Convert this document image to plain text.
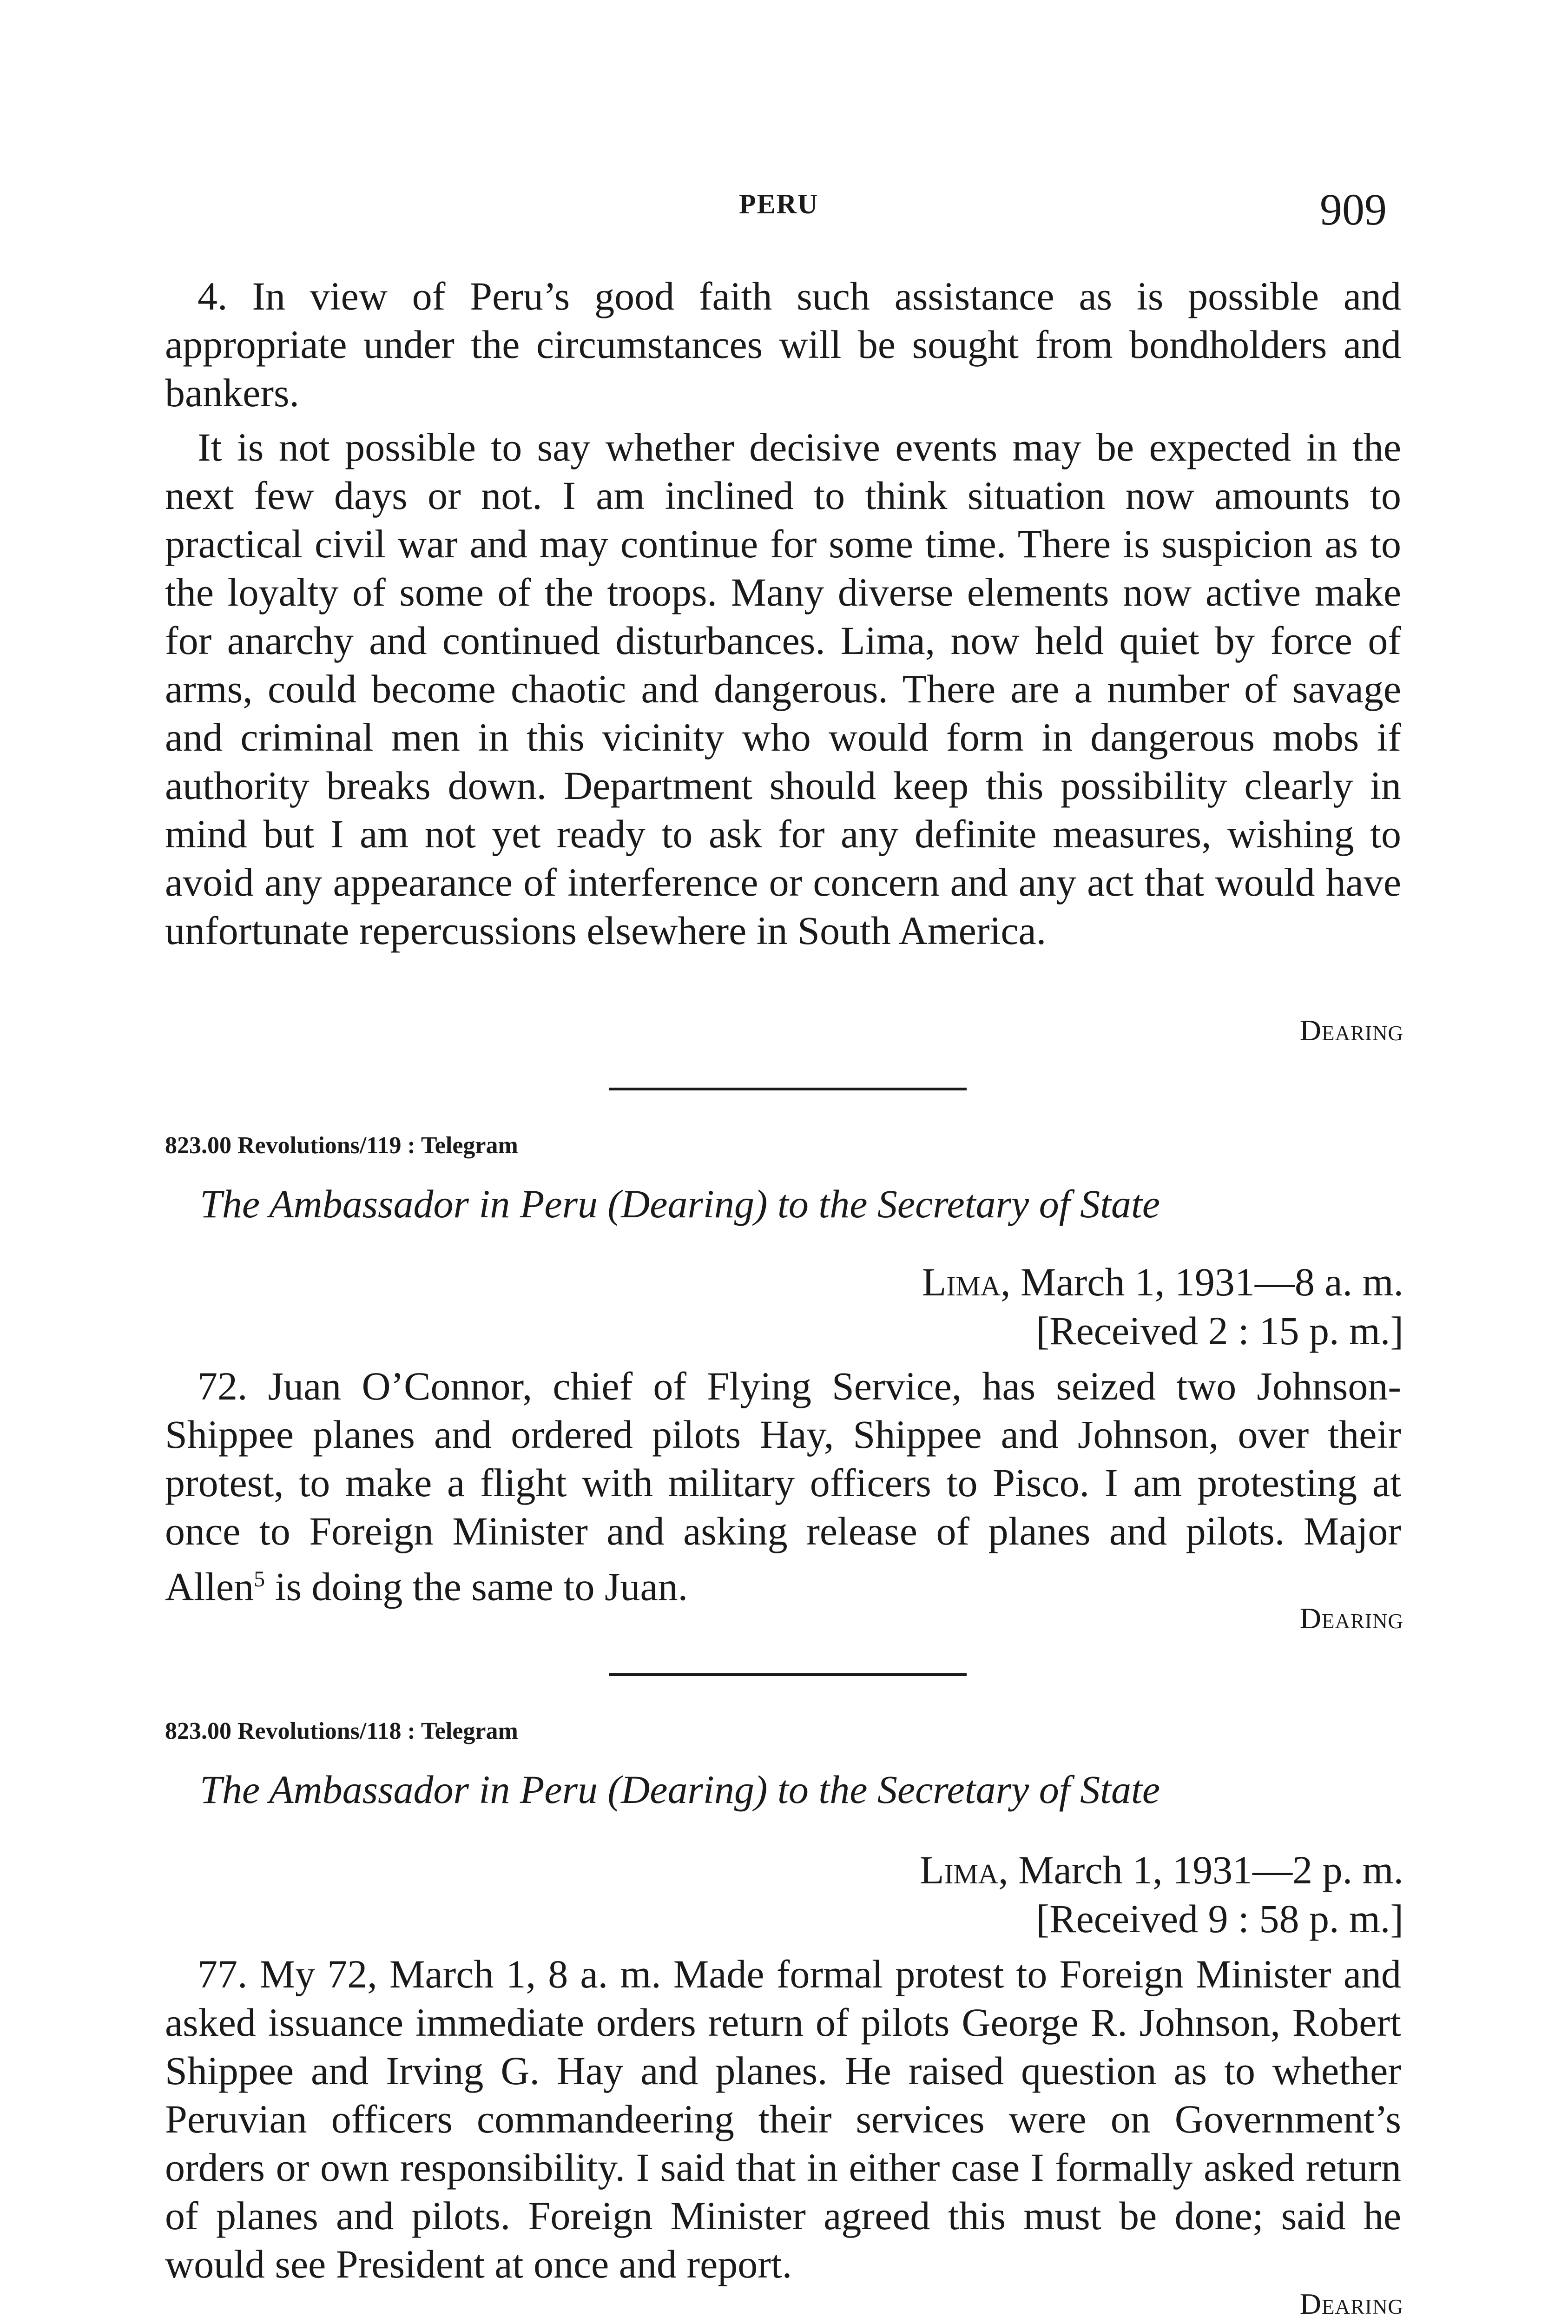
PERU	909

4. In view of Peru’s good faith such assistance as is possible and appropriate under the circumstances will be sought from bondholders and bankers.

It is not possible to say whether decisive events may be expected in the next few days or not. I am inclined to think situation now amounts to practical civil war and may continue for some time. There is suspicion as to the loyalty of some of the troops. Many diverse elements now active make for anarchy and continued disturbances. Lima, now held quiet by force of arms, could become chaotic and dangerous. There are a number of savage and criminal men in this vicinity who would form in dangerous mobs if authority breaks down. Department should keep this possibility clearly in mind but I am not yet ready to ask for any definite measures, wishing to avoid any appearance of interference or concern and any act that would have unfortunate repercussions elsewhere in South America.

Dearing
823.00 Revolutions/119 : Telegram
The Ambassador in Peru (Dearing) to the Secretary of State
Lima, March 1, 1931—8 a. m.
[Received 2 : 15 p. m.]

72. Juan O’Connor, chief of Flying Service, has seized two Johnson-Shippee planes and ordered pilots Hay, Shippee and Johnson, over their protest, to make a flight with military officers to Pisco. I am protesting at once to Foreign Minister and asking release of planes and pilots. Major Allen$^5$ is doing the same to Juan.

Dearing
823.00 Revolutions/118 : Telegram
The Ambassador in Peru (Dearing) to the Secretary of State
Lima, March 1, 1931—2 p. m.
[Received 9 : 58 p. m.]

77. My 72, March 1, 8 a. m. Made formal protest to Foreign Minister and asked issuance immediate orders return of pilots George R. Johnson, Robert Shippee and Irving G. Hay and planes. He raised question as to whether Peruvian officers commandeering their services were on Government’s orders or own responsibility. I said that in either case I formally asked return of planes and pilots. Foreign Minister agreed this must be done; said he would see President at once and report.

Dearing
